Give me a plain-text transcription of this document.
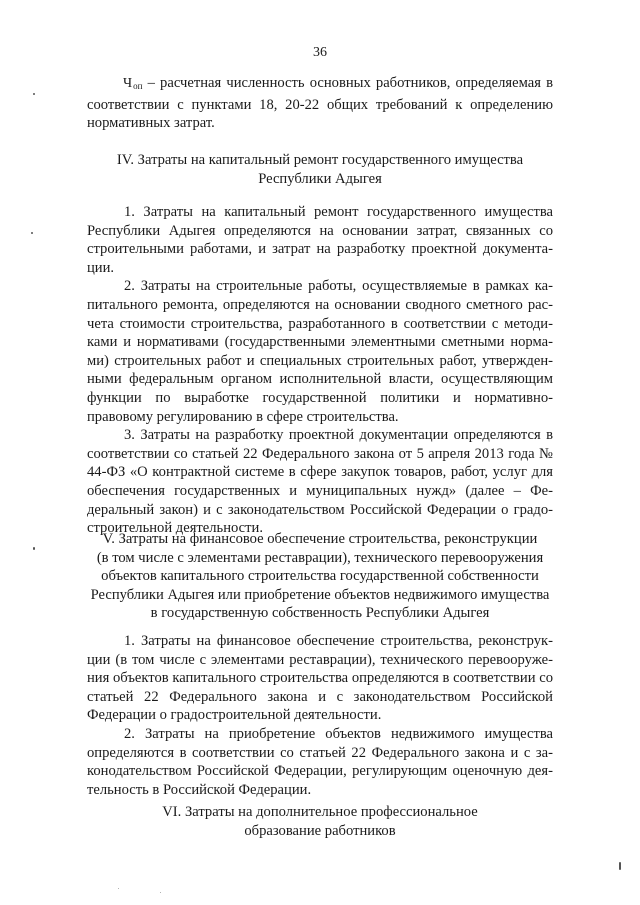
36

Чоп – расчетная численность основных работников, определяемая в соответствии с пунктами 18, 20-22 общих требований к определению нормативных затрат.

IV. Затраты на капитальный ремонт государственного имущества
Республики Адыгея

1. Затраты на капитальный ремонт государственного имущества Республики Адыгея определяются на основании затрат, связанных со строительными работами, и затрат на разработку проектной документации.

2. Затраты на строительные работы, осуществляемые в рамках капитального ремонта, определяются на основании сводного сметного расчета стоимости строительства, разработанного в соответствии с методиками и нормативами (государственными элементными сметными нормами) строительных работ и специальных строительных работ, утвержденными федеральным органом исполнительной власти, осуществляющим функции по выработке государственной политики и нормативно-правовому регулированию в сфере строительства.

3. Затраты на разработку проектной документации определяются в соответствии со статьей 22 Федерального закона от 5 апреля 2013 года № 44-ФЗ «О контрактной системе в сфере закупок товаров, работ, услуг для обеспечения государственных и муниципальных нужд» (далее – Федеральный закон) и с законодательством Российской Федерации о градостроительной деятельности.

V. Затраты на финансовое обеспечение строительства, реконструкции
(в том числе с элементами реставрации), технического перевооружения
объектов капитального строительства государственной собственности
Республики Адыгея или приобретение объектов недвижимого имущества
в государственную собственность Республики Адыгея

1. Затраты на финансовое обеспечение строительства, реконструкции (в том числе с элементами реставрации), технического перевооружения объектов капитального строительства определяются в соответствии со статьей 22 Федерального закона и с законодательством Российской Федерации о градостроительной деятельности.

2. Затраты на приобретение объектов недвижимого имущества определяются в соответствии со статьей 22 Федерального закона и с законодательством Российской Федерации, регулирующим оценочную деятельность в Российской Федерации.

VI. Затраты на дополнительное профессиональное
образование работников
